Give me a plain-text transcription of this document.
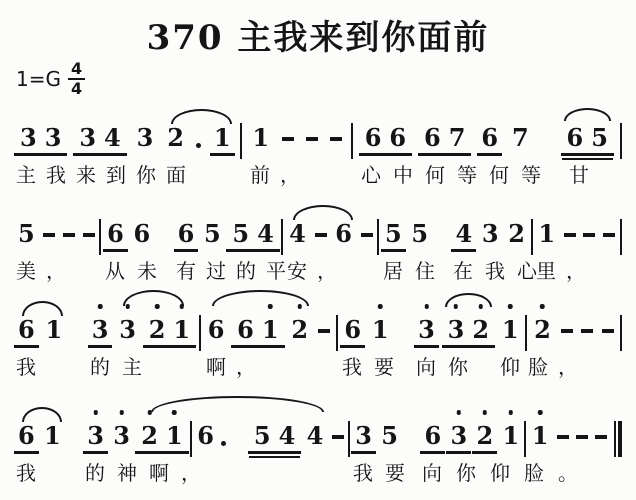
370 主我来到你面前
$1=G \frac{4}{4}$
3 3 3 4 3 2 1 1	6 6 6 7 6 7 6 5
主我来到你面	前，	心中何等何等 甘
5	6 6 6 5 5 4 4 6 5 5 4 3 2 1
美， 从未 有过的平
安， 居住 在我心
里，
6 1 3 3 2 1 6 6 1 2 6 1 3 3 2 1 2
我 的主	啊，	我要 向你 仰
脸，
6 1 3 3 2 1 6 5 4 4 3 5 6 3 2 1 1
我 的神啊，	我要 向你仰脸。
